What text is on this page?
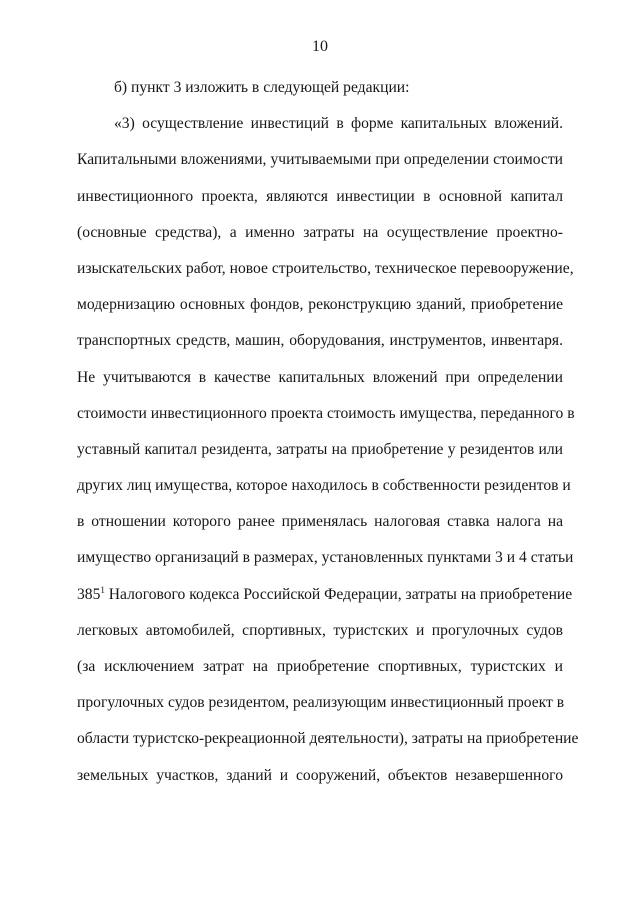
10
б) пункт 3 изложить в следующей редакции:
«3) осуществление инвестиций в форме капитальных вложений.
Капитальными вложениями, учитываемыми при определении стоимости
инвестиционного проекта, являются инвестиции в основной капитал
(основные средства), а именно затраты на осуществление проектно-
изыскательских работ, новое строительство, техническое перевооружение,
модернизацию основных фондов, реконструкцию зданий, приобретение
транспортных средств, машин, оборудования, инструментов, инвентаря.
Не учитываются в качестве капитальных вложений при определении
стоимости инвестиционного проекта стоимость имущества, переданного в
уставный капитал резидента, затраты на приобретение у резидентов или
других лиц имущества, которое находилось в собственности резидентов и
в отношении которого ранее применялась налоговая ставка налога на
имущество организаций в размерах, установленных пунктами 3 и 4 статьи
$385^1$ Налогового кодекса Российской Федерации, затраты на приобретение
легковых автомобилей, спортивных, туристских и прогулочных судов
(за исключением затрат на приобретение спортивных, туристских и
прогулочных судов резидентом, реализующим инвестиционный проект в
области туристско-рекреационной деятельности), затраты на приобретение
земельных участков, зданий и сооружений, объектов незавершенного
